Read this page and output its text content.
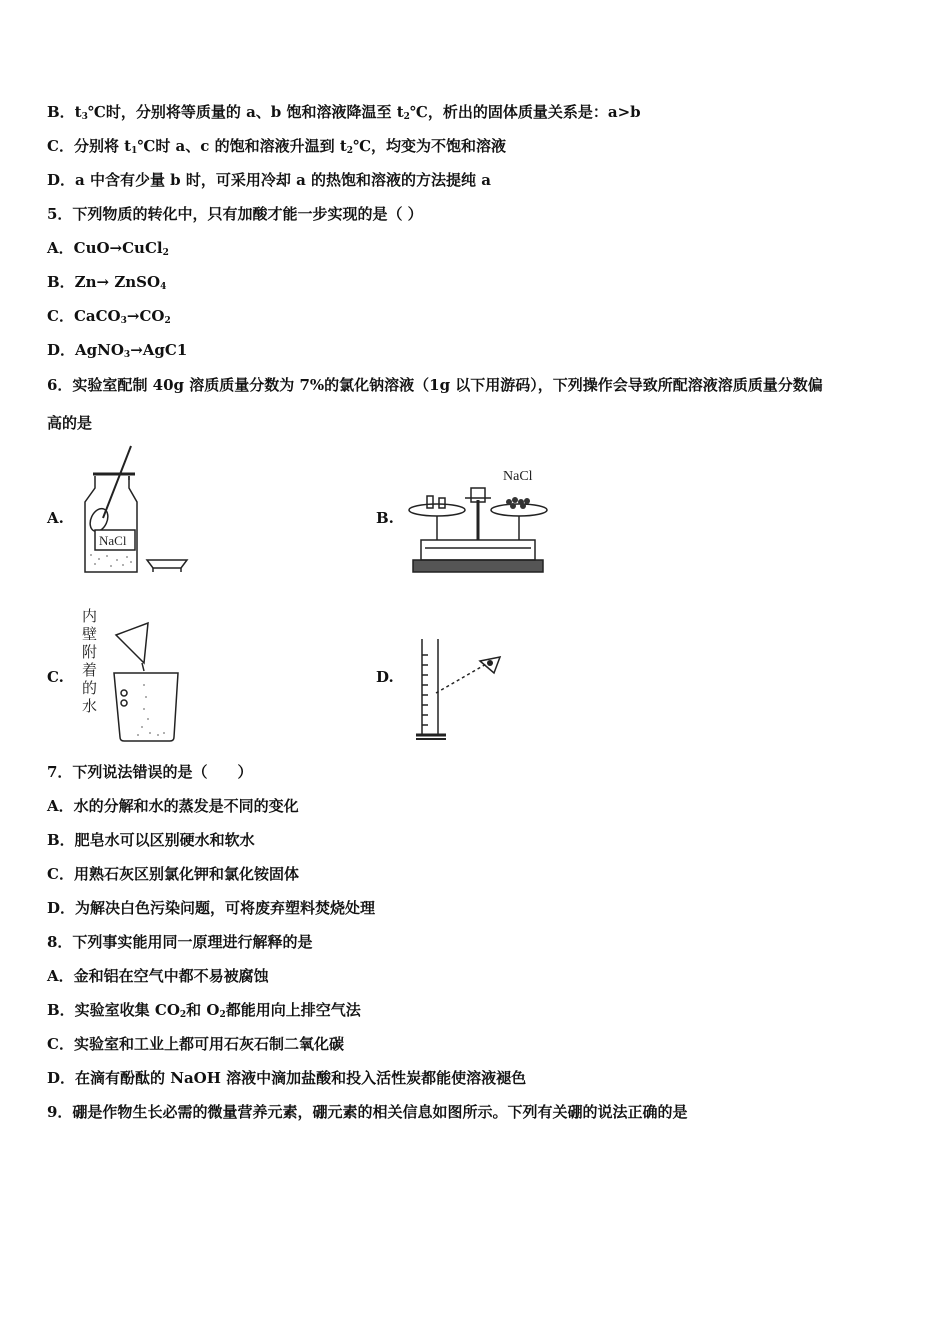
B．$t_3℃$时，分别将等质量的 a、b 饱和溶液降温至 $t_2℃$，析出的固体质量关系是：a>b
C．分别将 $t_1℃$时 a、c 的饱和溶液升温到 $t_2℃$，均变为不饱和溶液
D．a 中含有少量 b 时，可采用冷却 a 的热饱和溶液的方法提纯 a
5．下列物质的转化中，只有加酸才能一步实现的是（ ）
A．CuO→CuCl$_2$
B．Zn→ ZnSO$_4$
C．$CaCO_3\to CO_2$
D．AgNO$_3$→AgC1
6．实验室配制 40g 溶质质量分数为 7%的氯化钠溶液（1g 以下用游码），下列操作会导致所配溶液溶质质量分数偏
高的是
A.	B.
C.	D.
NaCl
NaCl
内
壁
附
着
的
水
7．下列说法错误的是（　　）
A．水的分解和水的蒸发是不同的变化
B．肥皂水可以区别硬水和软水
C．用熟石灰区别氯化钾和氯化铵固体
D．为解决白色污染问题，可将废弃塑料焚烧处理
8．下列事实能用同一原理进行解释的是
A．金和铝在空气中都不易被腐蚀
B．实验室收集 $CO_2$和 $O_2$都能用向上排空气法
C．实验室和工业上都可用石灰石制二氧化碳
D．在滴有酚酞的 NaOH 溶液中滴加盐酸和投入活性炭都能使溶液褪色
9．硼是作物生长必需的微量营养元素，硼元素的相关信息如图所示。下列有关硼的说法正确的是
